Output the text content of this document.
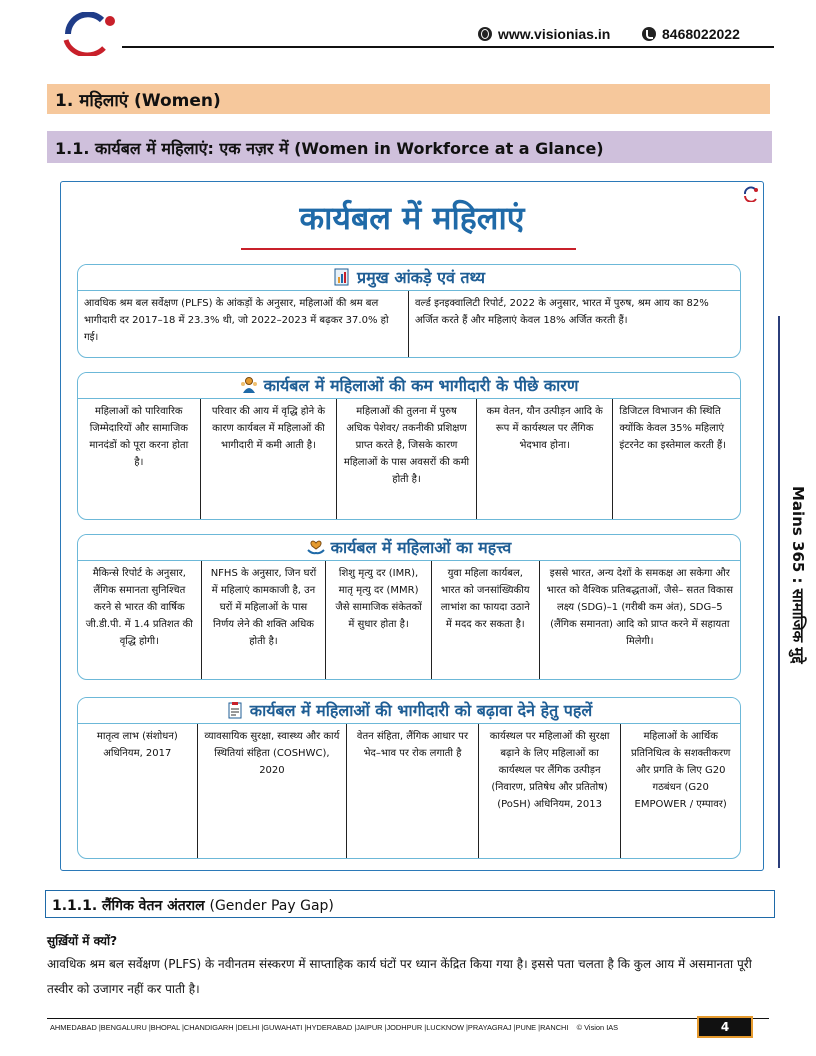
www.visionias.in	8468022022
1. महिलाएं (Women)
1.1. कार्यबल में महिलाएं: एक नज़र में (Women in Workforce at a Glance)
कार्यबल में महिलाएं
प्रमुख आंकड़े एवं तथ्य
आवधिक श्रम बल सर्वेक्षण (PLFS) के आंकड़ों के अनुसार, महिलाओं की श्रम बल भागीदारी दर 2017–18 में 23.3% थी, जो 2022–2023 में बढ़कर 37.0% हो गई।
वर्ल्ड इनइक्वालिटी रिपोर्ट, 2022 के अनुसार, भारत में पुरुष, श्रम आय का 82% अर्जित करते हैं और महिलाएं केवल 18% अर्जित करती हैं।
कार्यबल में महिलाओं की कम भागीदारी के पीछे कारण
महिलाओं को पारिवारिक जिम्मेदारियों और सामाजिक मानदंडों को पूरा करना होता है।
परिवार की आय में वृद्धि होने के कारण कार्यबल में महिलाओं की भागीदारी में कमी आती है।
महिलाओं की तुलना में पुरुष अधिक पेशेवर/ तकनीकी प्रशिक्षण प्राप्त करते है, जिसके कारण महिलाओं के पास अवसरों की कमी होती है।
कम वेतन, यौन उत्पीड़न आदि के रूप में कार्यस्थल पर लैंगिक भेदभाव होना।
डिजिटल विभाजन की स्थिति क्योंकि केवल 35% महिलाएं इंटरनेट का इस्तेमाल करती हैं।
कार्यबल में महिलाओं का महत्त्व
मैकिन्से रिपोर्ट के अनुसार, लैंगिक समानता सुनिश्चित करने से भारत की वार्षिक जी.डी.पी. में 1.4 प्रतिशत की वृद्धि होगी।
NFHS के अनुसार, जिन घरों में महिलाएं कामकाजी है, उन घरों में महिलाओं के पास निर्णय लेने की शक्ति अधिक होती है।
शिशु मृत्यु दर (IMR), मातृ मृत्यु दर (MMR) जैसे सामाजिक संकेतकों में सुधार होता है।
युवा महिला कार्यबल, भारत को जनसांख्यिकीय लाभांश का फायदा उठाने में मदद कर सकता है।
इससे भारत, अन्य देशों के समकक्ष आ सकेगा और भारत को वैश्विक प्रतिबद्धताओं, जैसे– सतत विकास लक्ष्य (SDG)–1 (गरीबी कम अंत), SDG–5 (लैंगिक समानता) आदि को प्राप्त करने में सहायता मिलेगी।
कार्यबल में महिलाओं की भागीदारी को बढ़ावा देने हेतु पहलें
मातृत्व लाभ (संशोधन) अधिनियम, 2017
व्यावसायिक सुरक्षा, स्वास्थ्य और कार्य स्थितियां संहिता (COSHWC), 2020
वेतन संहिता, लैंगिक आधार पर भेद–भाव पर रोक लगाती है
कार्यस्थल पर महिलाओं की सुरक्षा बढ़ाने के लिए महिलाओं का कार्यस्थल पर लैंगिक उत्पीड़न (निवारण, प्रतिषेध और प्रतितोष) (PoSH) अधिनियम, 2013
महिलाओं के आर्थिक प्रतिनिधित्व के सशक्तीकरण और प्रगति के लिए G20 गठबंधन (G20 EMPOWER / एम्पावर)
Mains 365 : सामाजिक मुद्दे
1.1.1. लैंगिक वेतन अंतराल (Gender Pay Gap)
सुर्ख़ियों में क्यों?
आवधिक श्रम बल सर्वेक्षण (PLFS) के नवीनतम संस्करण में साप्ताहिक कार्य घंटों पर ध्यान केंद्रित किया गया है। इससे पता चलता है कि कुल आय में असमानता पूरी तस्वीर को उजागर नहीं कर पाती है।
AHMEDABAD |BENGALURU |BHOPAL |CHANDIGARH |DELHI |GUWAHATI |HYDERABAD |JAIPUR |JODHPUR |LUCKNOW |PRAYAGRAJ |PUNE |RANCHI © Vision IAS	4
